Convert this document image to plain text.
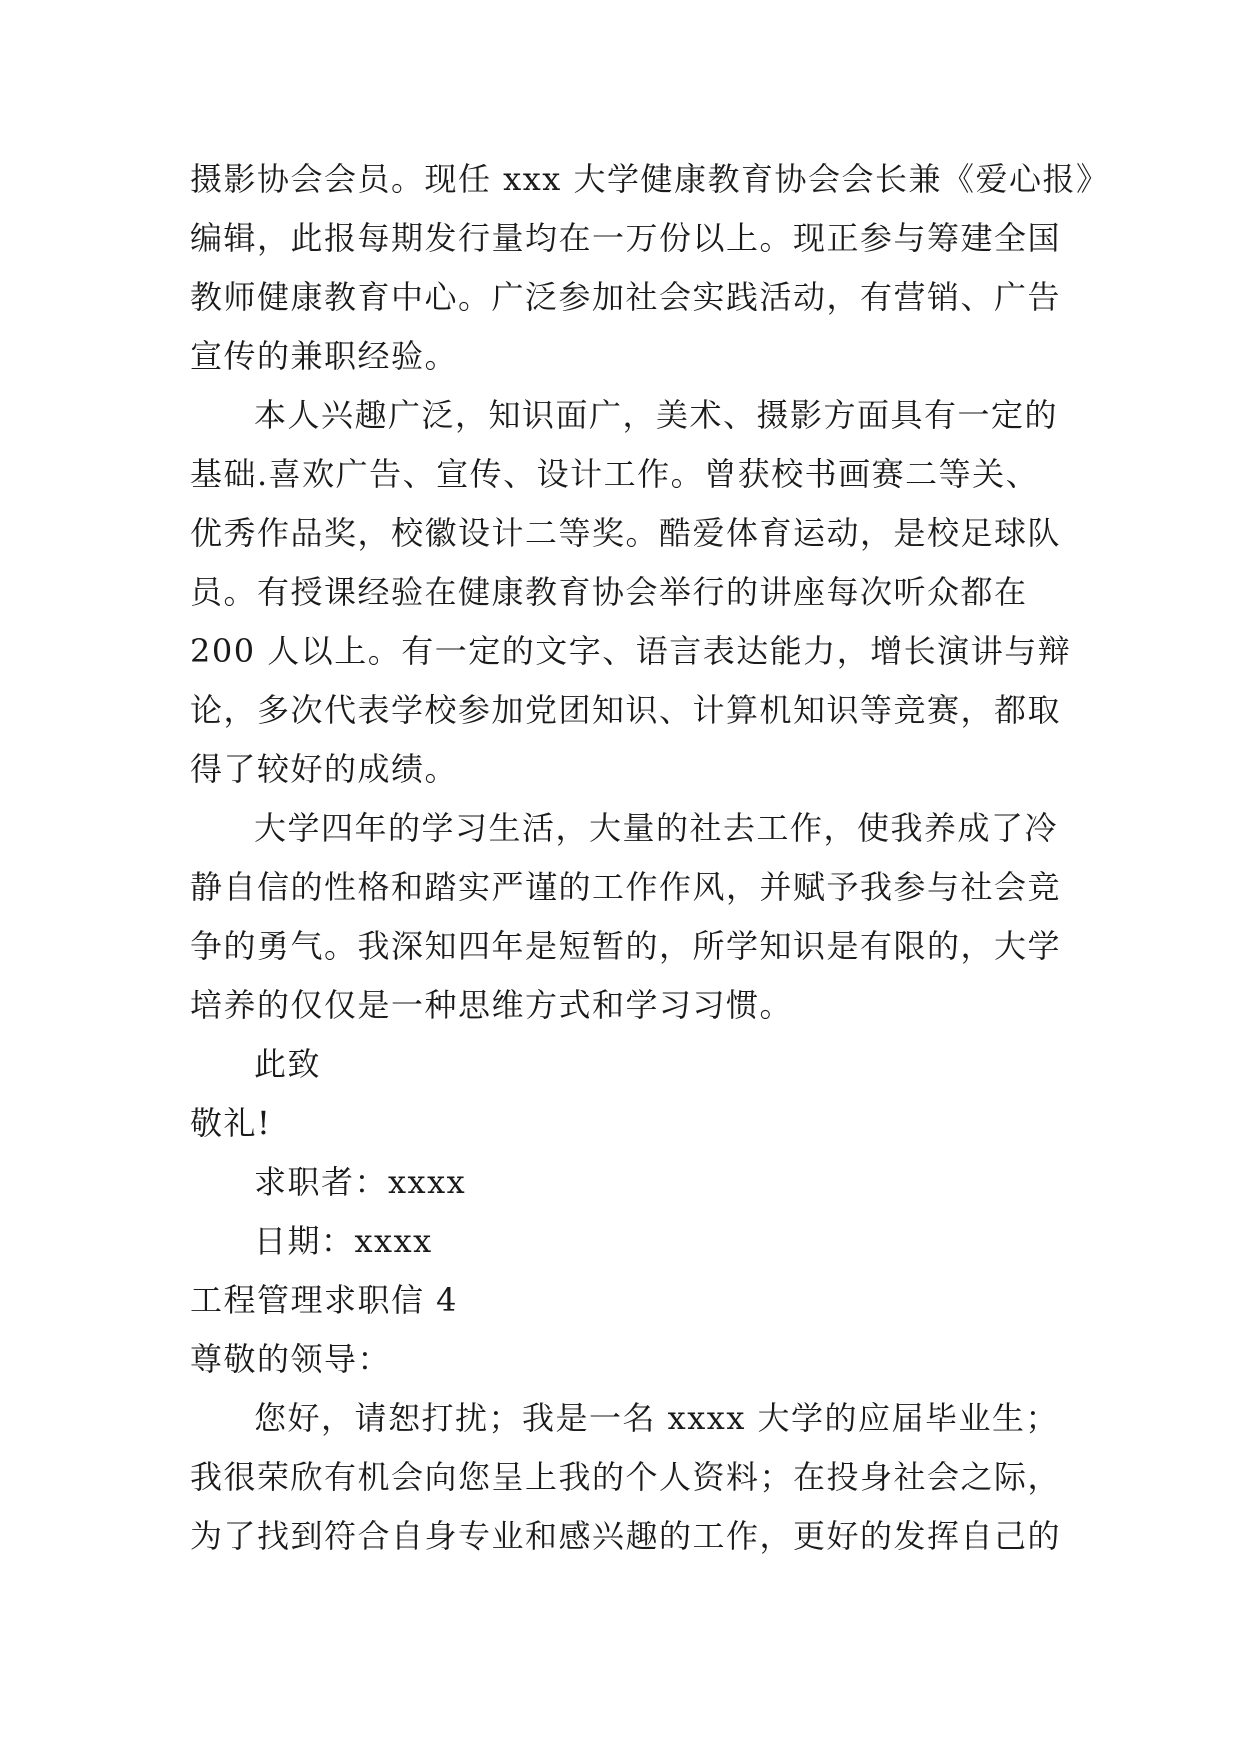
摄影协会会员。现任 xxx 大学健康教育协会会长兼《爱心报》
编辑，此报每期发行量均在一万份以上。现正参与筹建全国
教师健康教育中心。广泛参加社会实践活动，有营销、广告
宣传的兼职经验。
本人兴趣广泛，知识面广，美术、摄影方面具有一定的
基础.喜欢广告、宣传、设计工作。曾获校书画赛二等关、
优秀作品奖，校徽设计二等奖。酷爱体育运动，是校足球队
员。有授课经验在健康教育协会举行的讲座每次听众都在
200 人以上。有一定的文字、语言表达能力，增长演讲与辩
论，多次代表学校参加党团知识、计算机知识等竞赛，都取
得了较好的成绩。
大学四年的学习生活，大量的社去工作，使我养成了冷
静自信的性格和踏实严谨的工作作风，并赋予我参与社会竞
争的勇气。我深知四年是短暂的，所学知识是有限的，大学
培养的仅仅是一种思维方式和学习习惯。
此致
敬礼!
求职者：xxxx
日期：xxxx
工程管理求职信 4
尊敬的领导：
您好，请恕打扰；我是一名 xxxx 大学的应届毕业生；
我很荣欣有机会向您呈上我的个人资料；在投身社会之际，
为了找到符合自身专业和感兴趣的工作，更好的发挥自己的
